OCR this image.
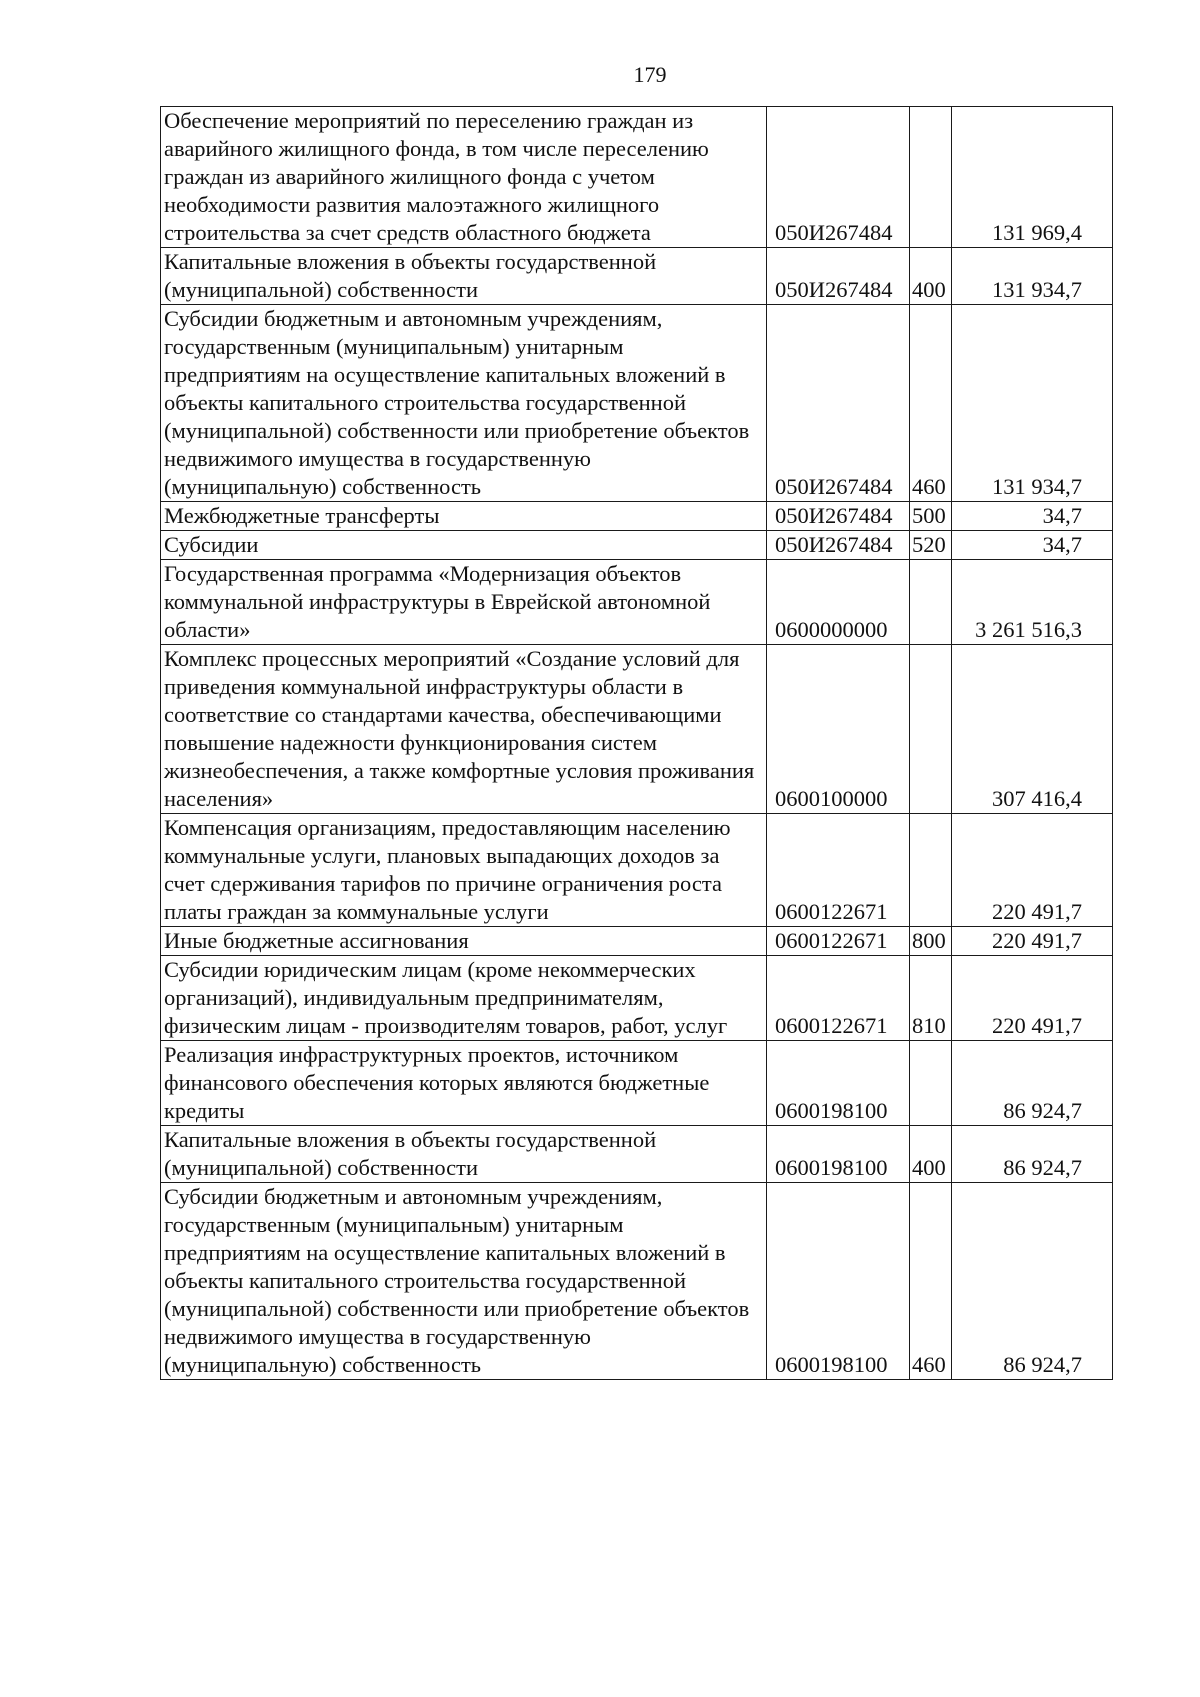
179
Обеспечение мероприятий по переселению граждан из аварийного жилищного фонда, в том числе переселению граждан из аварийного жилищного фонда с учетом необходимости развития малоэтажного жилищного строительства за счет средств областного бюджета	050И267484		131 969,4
Капитальные вложения в объекты государственной (муниципальной) собственности	050И267484	400	131 934,7
Субсидии бюджетным и автономным учреждениям, государственным (муниципальным) унитарным предприятиям на осуществление капитальных вложений в объекты капитального строительства государственной (муниципальной) собственности или приобретение объектов недвижимого имущества в государственную (муниципальную) собственность	050И267484	460	131 934,7
Межбюджетные трансферты	050И267484	500	34,7
Субсидии	050И267484	520	34,7
Государственная программа «Модернизация объектов коммунальной инфраструктуры в Еврейской автономной области»	0600000000		3 261 516,3
Комплекс процессных мероприятий «Создание условий для приведения коммунальной инфраструктуры области в соответствие со стандартами качества, обеспечивающими повышение надежности функционирования систем жизнеобеспечения, а также комфортные условия проживания населения»	0600100000		307 416,4
Компенсация организациям, предоставляющим населению коммунальные услуги, плановых выпадающих доходов за счет сдерживания тарифов по причине ограничения роста платы граждан за коммунальные услуги	0600122671		220 491,7
Иные бюджетные ассигнования	0600122671	800	220 491,7
Субсидии юридическим лицам (кроме некоммерческих организаций), индивидуальным предпринимателям, физическим лицам - производителям товаров, работ, услуг	0600122671	810	220 491,7
Реализация инфраструктурных проектов, источником финансового обеспечения которых являются бюджетные кредиты	0600198100		86 924,7
Капитальные вложения в объекты государственной (муниципальной) собственности	0600198100	400	86 924,7
Субсидии бюджетным и автономным учреждениям, государственным (муниципальным) унитарным предприятиям на осуществление капитальных вложений в объекты капитального строительства государственной (муниципальной) собственности или приобретение объектов недвижимого имущества в государственную (муниципальную) собственность	0600198100	460	86 924,7
